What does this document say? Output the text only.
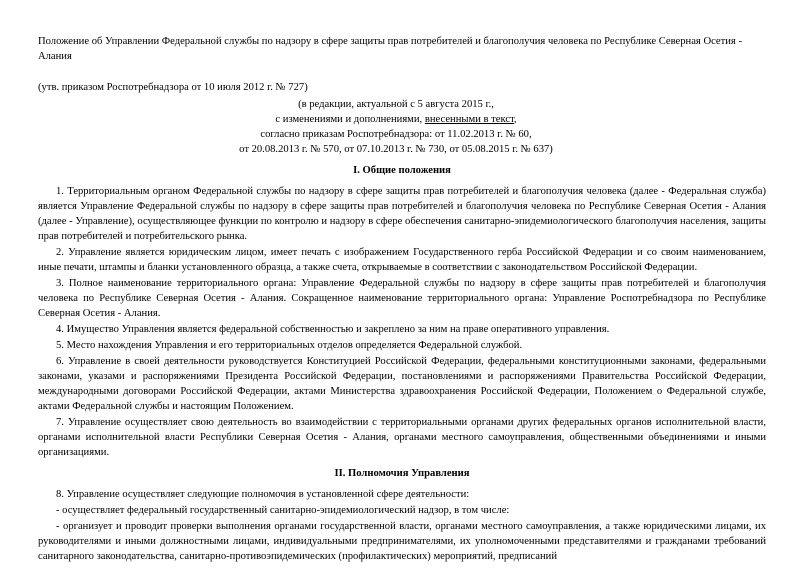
Положение об Управлении Федеральной службы по надзору в сфере защиты прав потребителей и благополучия человека по Республике Северная Осетия - Алания
(утв. приказом Роспотребнадзора от 10 июля 2012 г. № 727)
(в редакции, актуальной с 5 августа 2015 г.,
с изменениями и дополнениями, внесенными в текст,
согласно приказам Роспотребнадзора: от 11.02.2013 г. № 60,
от 20.08.2013 г. № 570, от 07.10.2013 г. № 730, от 05.08.2015 г. № 637)
I. Общие положения
1. Территориальным органом Федеральной службы по надзору в сфере защиты прав потребителей и благополучия человека (далее - Федеральная служба) является Управление Федеральной службы по надзору в сфере защиты прав потребителей и благополучия человека по Республике Северная Осетия - Алания (далее - Управление), осуществляющее функции по контролю и надзору в сфере обеспечения санитарно-эпидемиологического благополучия населения, защиты прав потребителей и потребительского рынка.
2. Управление является юридическим лицом, имеет печать с изображением Государственного герба Российской Федерации и со своим наименованием, иные печати, штампы и бланки установленного образца, а также счета, открываемые в соответствии с законодательством Российской Федерации.
3. Полное наименование территориального органа: Управление Федеральной службы по надзору в сфере защиты прав потребителей и благополучия человека по Республике Северная Осетия - Алания. Сокращенное наименование территориального органа: Управление Роспотребнадзора по Республике Северная Осетия - Алания.
4. Имущество Управления является федеральной собственностью и закреплено за ним на праве оперативного управления.
5. Место нахождения Управления и его территориальных отделов определяется Федеральной службой.
6. Управление в своей деятельности руководствуется Конституцией Российской Федерации, федеральными конституционными законами, федеральными законами, указами и распоряжениями Президента Российской Федерации, постановлениями и распоряжениями Правительства Российской Федерации, международными договорами Российской Федерации, актами Министерства здравоохранения Российской Федерации, Положением о Федеральной службе, актами Федеральной службы и настоящим Положением.
7. Управление осуществляет свою деятельность во взаимодействии с территориальными органами других федеральных органов исполнительной власти, органами исполнительной власти Республики Северная Осетия - Алания, органами местного самоуправления, общественными объединениями и иными организациями.
II. Полномочия Управления
8. Управление осуществляет следующие полномочия в установленной сфере деятельности:
- осуществляет федеральный государственный санитарно-эпидемиологический надзор, в том числе:
- организует и проводит проверки выполнения органами государственной власти, органами местного самоуправления, а также юридическими лицами, их руководителями и иными должностными лицами, индивидуальными предпринимателями, их уполномоченными представителями и гражданами требований санитарного законодательства, санитарно-противоэпидемических (профилактических) мероприятий, предписаний
